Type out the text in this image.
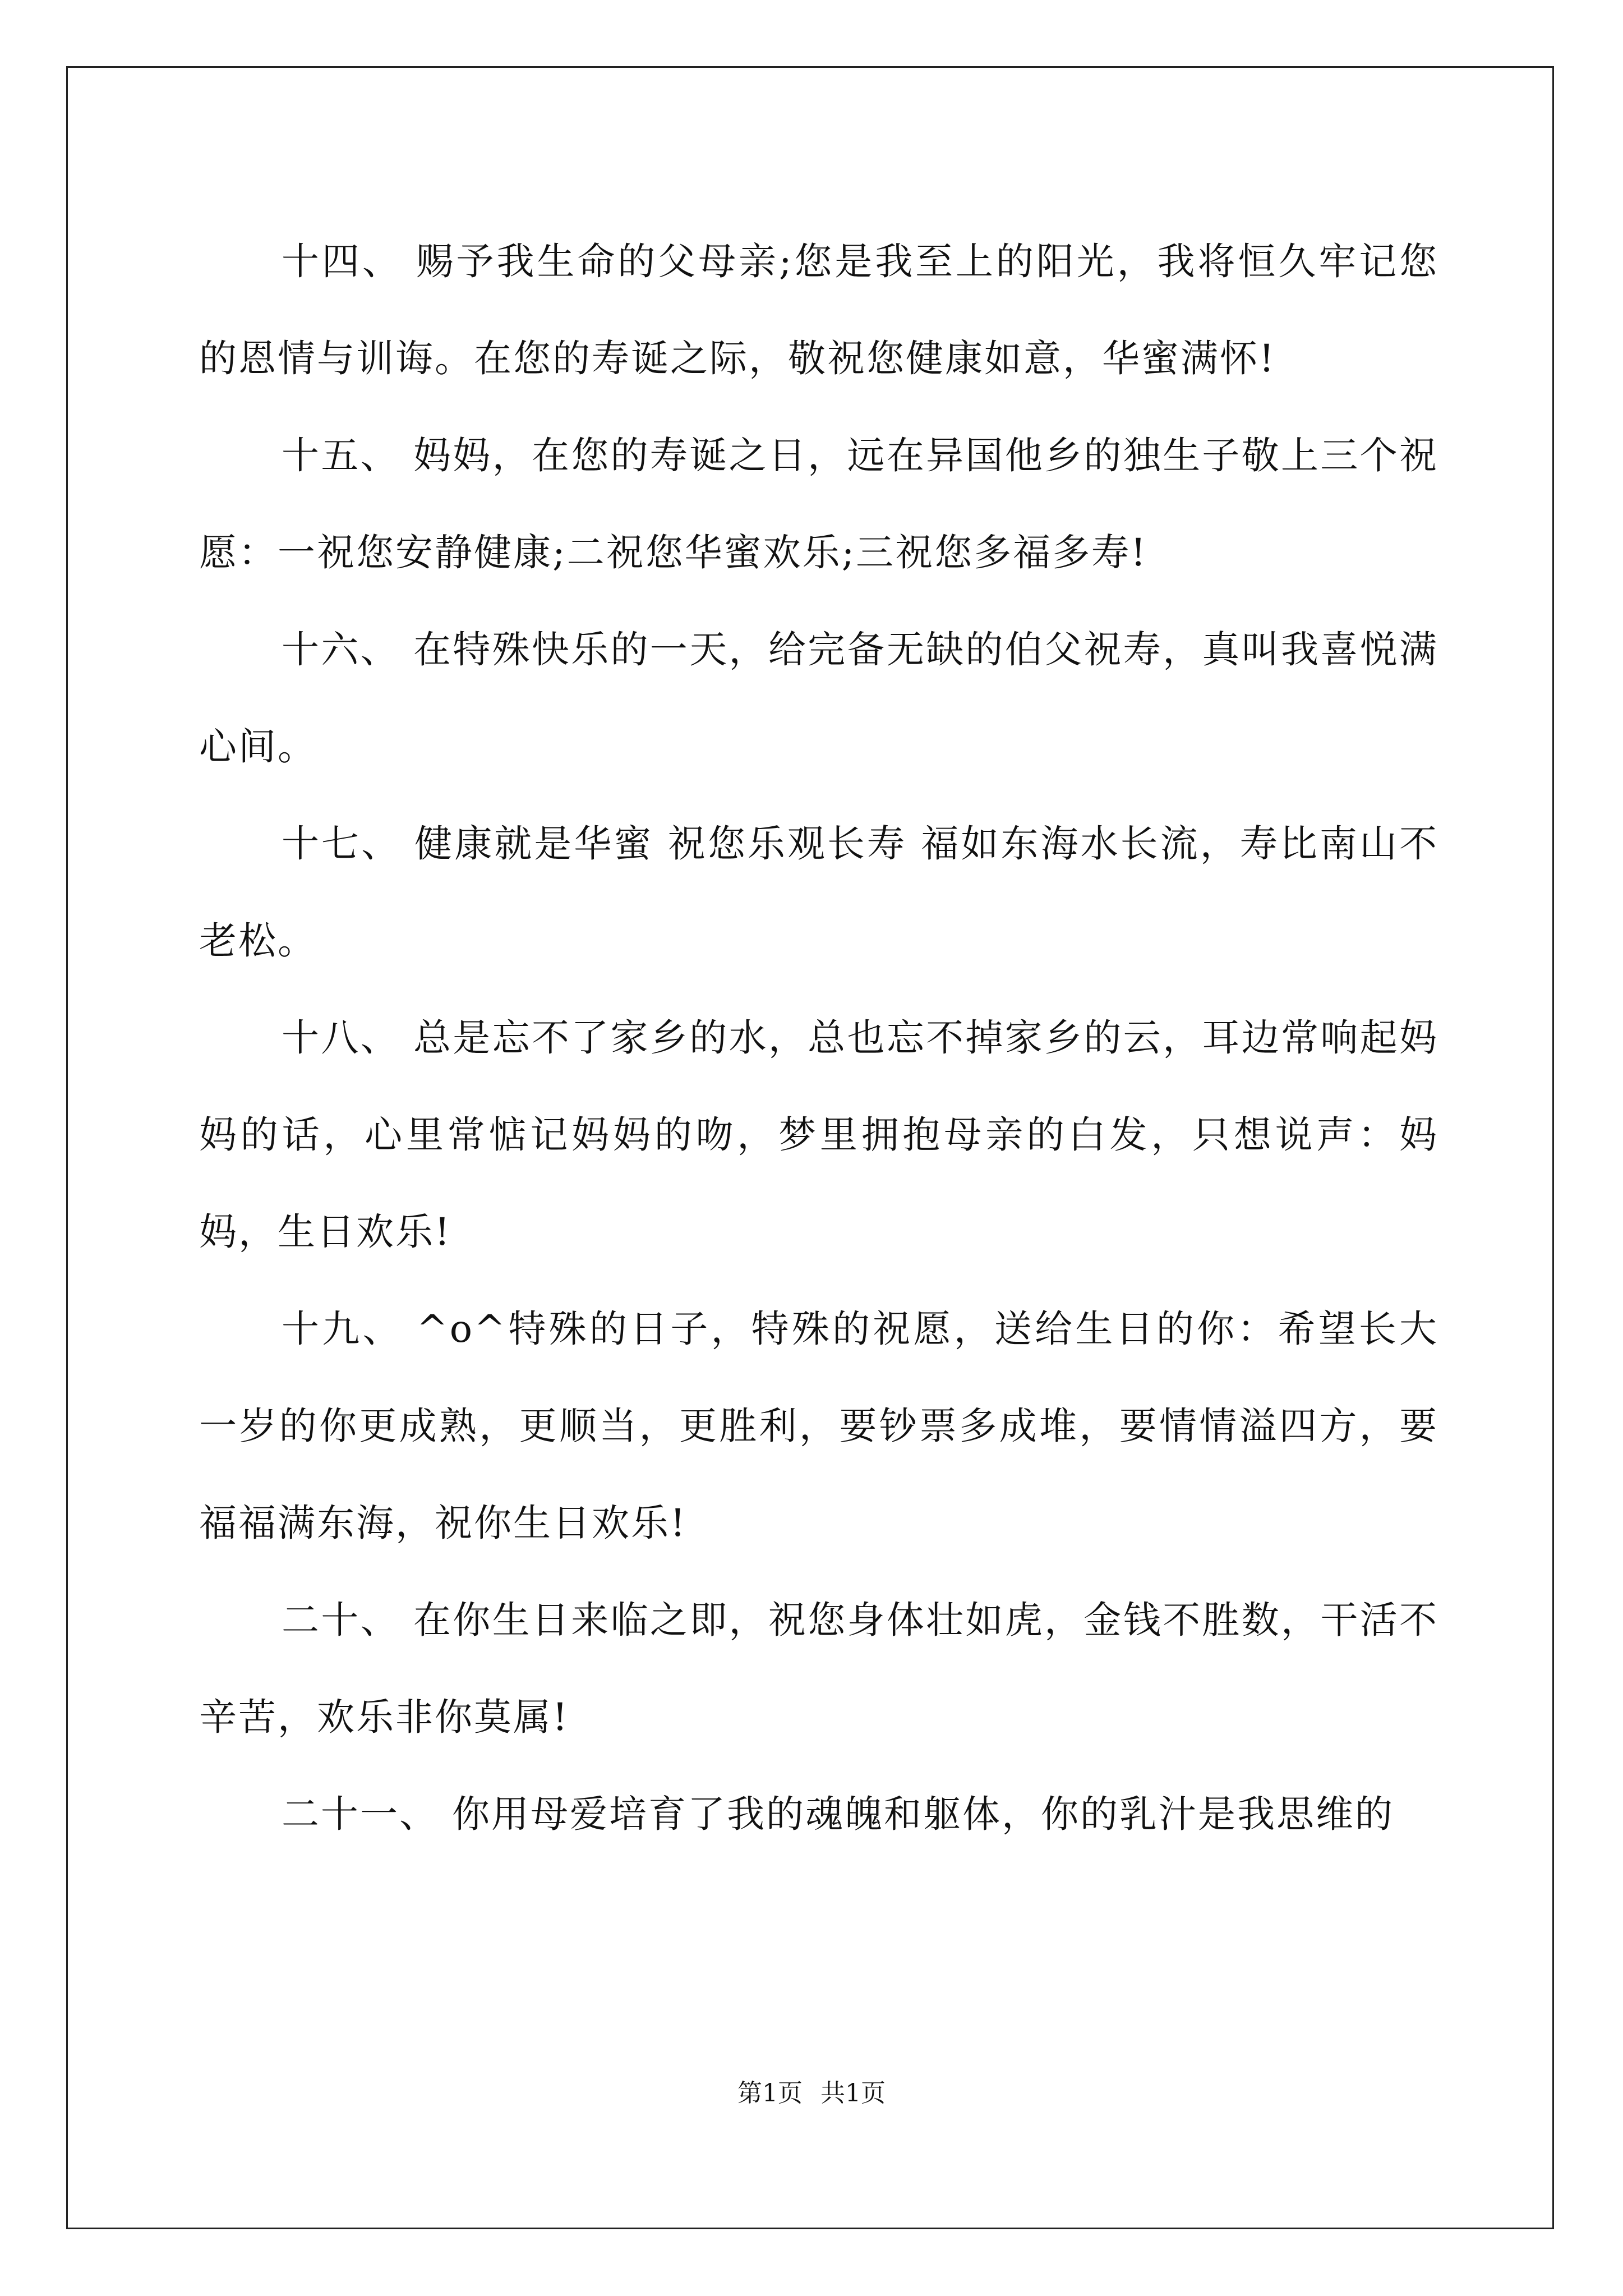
十四、 赐予我生命的父母亲;您是我至上的阳光，我将恒久牢记您的恩情与训诲。在您的寿诞之际，敬祝您健康如意，华蜜满怀!

十五、 妈妈，在您的寿诞之日，远在异国他乡的独生子敬上三个祝愿：一祝您安静健康;二祝您华蜜欢乐;三祝您多福多寿!

十六、 在特殊快乐的一天，给完备无缺的伯父祝寿，真叫我喜悦满心间。

十七、 健康就是华蜜 祝您乐观长寿 福如东海水长流，寿比南山不老松。

十八、 总是忘不了家乡的水，总也忘不掉家乡的云，耳边常响起妈妈的话，心里常惦记妈妈的吻，梦里拥抱母亲的白发，只想说声：妈妈，生日欢乐!

十九、 ^o^特殊的日子，特殊的祝愿，送给生日的你：希望长大一岁的你更成熟，更顺当，更胜利，要钞票多成堆，要情情溢四方，要福福满东海，祝你生日欢乐!

二十、 在你生日来临之即，祝您身体壮如虎，金钱不胜数，干活不辛苦，欢乐非你莫属!

二十一、 你用母爱培育了我的魂魄和躯体，你的乳汁是我思维的

第1页 共1页
